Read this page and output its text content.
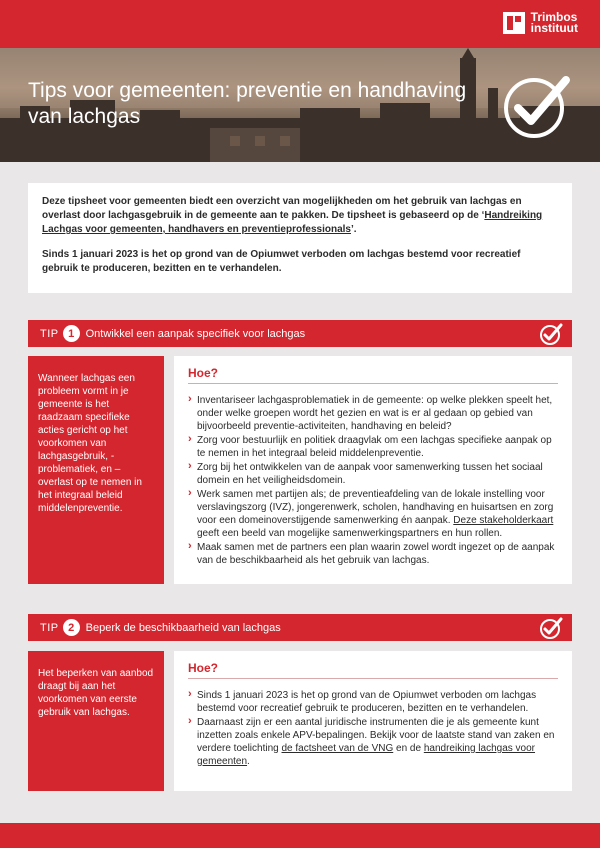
Trimbos
instituut
Tips voor gemeenten: preventie en handhaving van lachgas

Deze tipsheet voor gemeenten biedt een overzicht van mogelijkheden om het gebruik van lachgas en overlast door lachgasgebruik in de gemeente aan te pakken. De tipsheet is gebaseerd op de ‘Handreiking Lachgas voor gemeenten, handhavers en preventieprofessionals’.

Sinds 1 januari 2023 is het op grond van de Opiumwet verboden om lachgas bestemd voor recreatief gebruik te produceren, bezitten en te verhandelen.

TIP 1	Ontwikkel een aanpak specifiek voor lachgas
Wanneer lachgas een probleem vormt in je gemeente is het raadzaam specifieke acties gericht op het voorkomen van lachgasgebruik, -problematiek, en –overlast op te nemen in het integraal beleid middelenpreventie.
Hoe?
› Inventariseer lachgasproblematiek in de gemeente: op welke plekken speelt het, onder welke groepen wordt het gezien en wat is er al gedaan op gebied van bijvoorbeeld preventie-activiteiten, handhaving en beleid?
› Zorg voor bestuurlijk en politiek draagvlak om een lachgas specifieke aanpak op te nemen in het integraal beleid middelenpreventie.
› Zorg bij het ontwikkelen van de aanpak voor samenwerking tussen het sociaal domein en het veiligheidsdomein.
› Werk samen met partijen als; de preventieafdeling van de lokale instelling voor verslavingszorg (IVZ), jongerenwerk, scholen, handhaving en huisartsen en zorg voor een domeinoverstijgende samenwerking én aanpak. Deze stakeholderkaart geeft een beeld van mogelijke samenwerkingspartners en hun rollen.
› Maak samen met de partners een plan waarin zowel wordt ingezet op de aanpak van de beschikbaarheid als het gebruik van lachgas.
TIP 2	Beperk de beschikbaarheid van lachgas
Het beperken van aanbod draagt bij aan het voorkomen van eerste gebruik van lachgas.
Hoe?
› Sinds 1 januari 2023 is het op grond van de Opiumwet verboden om lachgas bestemd voor recreatief gebruik te produceren, bezitten en te verhandelen.
› Daarnaast zijn er een aantal juridische instrumenten die je als gemeente kunt inzetten zoals enkele APV-bepalingen. Bekijk voor de laatste stand van zaken en verdere toelichting de factsheet van de VNG en de handreiking lachgas voor gemeenten.
